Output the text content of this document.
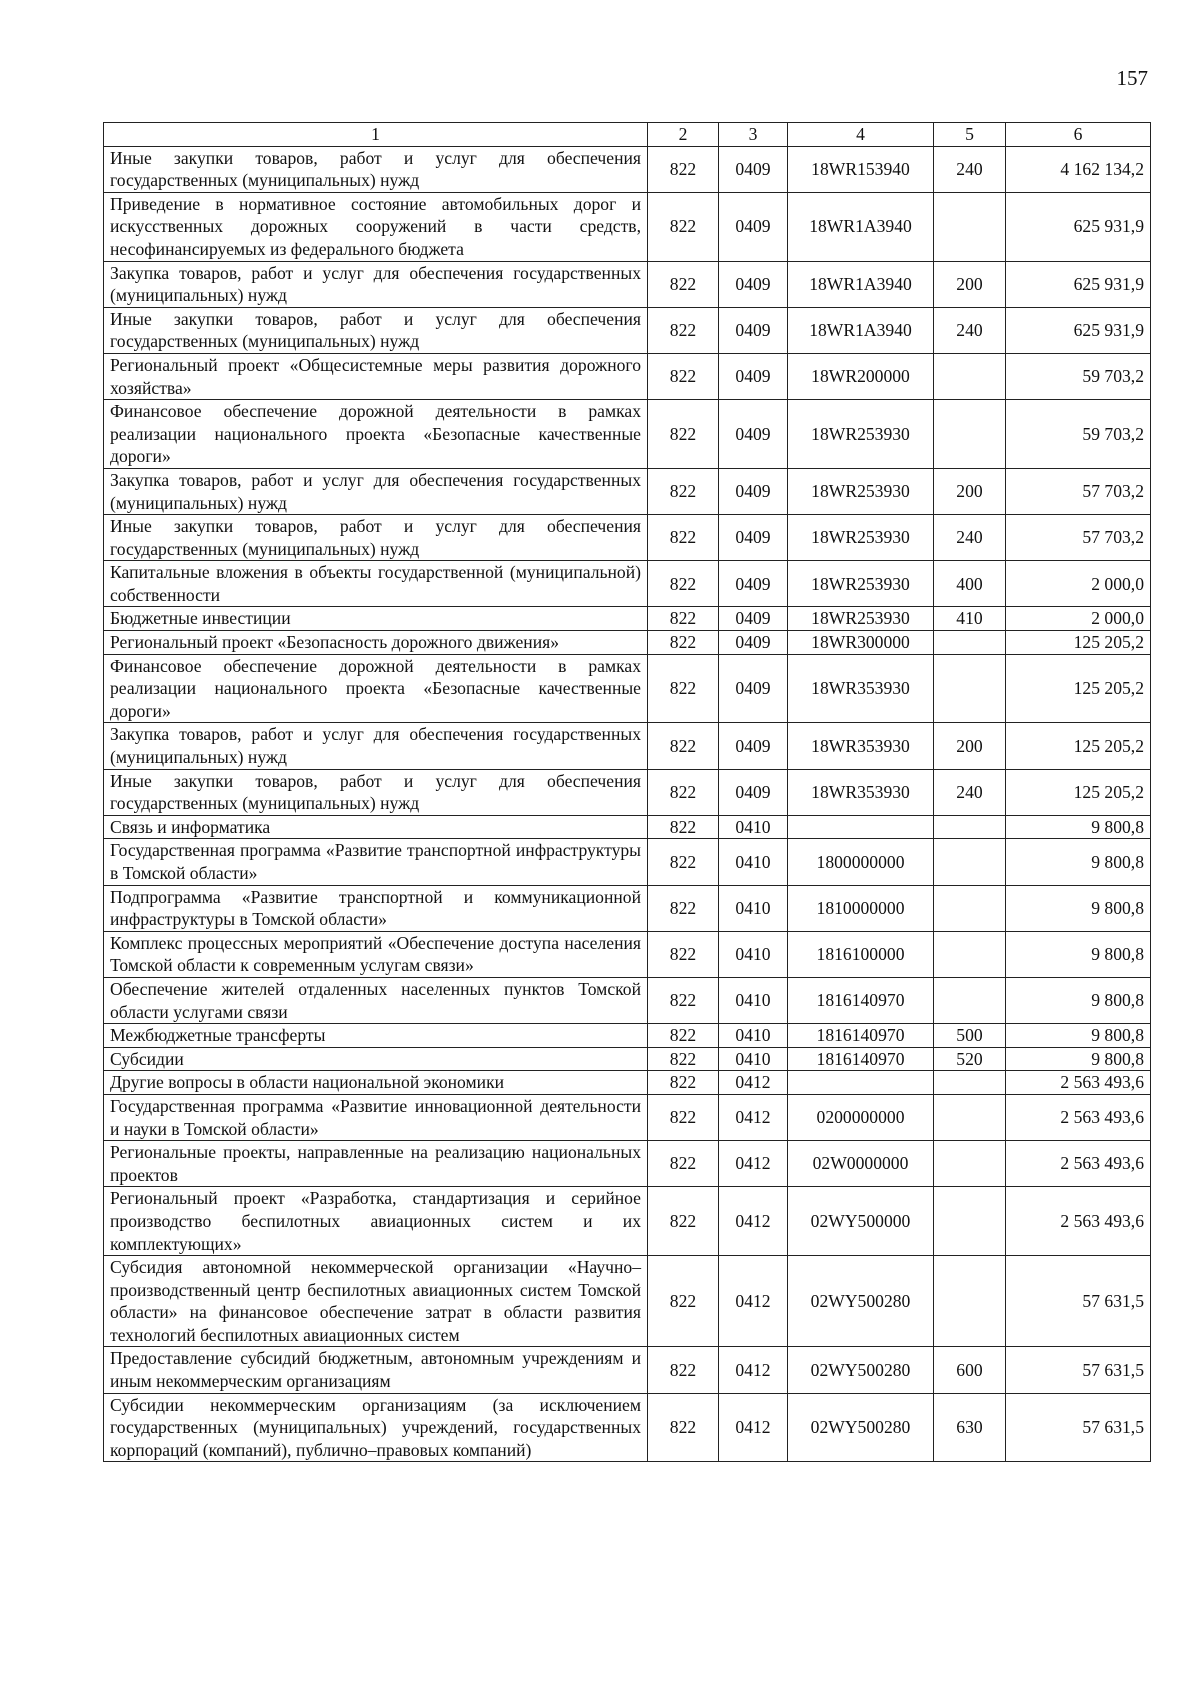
157
1	2	3	4	5	6
Иные закупки товаров, работ и услуг для обеспечения государственных (муниципальных) нужд	822	0409	18WR153940	240	4 162 134,2
Приведение в нормативное состояние автомобильных дорог и искусственных дорожных сооружений в части средств, несофинансируемых из федерального бюджета	822	0409	18WR1A3940		625 931,9
Закупка товаров, работ и услуг для обеспечения государственных (муниципальных) нужд	822	0409	18WR1A3940	200	625 931,9
Иные закупки товаров, работ и услуг для обеспечения государственных (муниципальных) нужд	822	0409	18WR1A3940	240	625 931,9
Региональный проект «Общесистемные меры развития дорожного хозяйства»	822	0409	18WR200000		59 703,2
Финансовое обеспечение дорожной деятельности в рамках реализации национального проекта «Безопасные качественные дороги»	822	0409	18WR253930		59 703,2
Закупка товаров, работ и услуг для обеспечения государственных (муниципальных) нужд	822	0409	18WR253930	200	57 703,2
Иные закупки товаров, работ и услуг для обеспечения государственных (муниципальных) нужд	822	0409	18WR253930	240	57 703,2
Капитальные вложения в объекты государственной (муниципальной) собственности	822	0409	18WR253930	400	2 000,0
Бюджетные инвестиции	822	0409	18WR253930	410	2 000,0
Региональный проект «Безопасность дорожного движения»	822	0409	18WR300000		125 205,2
Финансовое обеспечение дорожной деятельности в рамках реализации национального проекта «Безопасные качественные дороги»	822	0409	18WR353930		125 205,2
Закупка товаров, работ и услуг для обеспечения государственных (муниципальных) нужд	822	0409	18WR353930	200	125 205,2
Иные закупки товаров, работ и услуг для обеспечения государственных (муниципальных) нужд	822	0409	18WR353930	240	125 205,2
Связь и информатика	822	0410			9 800,8
Государственная программа «Развитие транспортной инфраструктуры в Томской области»	822	0410	1800000000		9 800,8
Подпрограмма «Развитие транспортной и коммуникационной инфраструктуры в Томской области»	822	0410	1810000000		9 800,8
Комплекс процессных мероприятий «Обеспечение доступа населения Томской области к современным услугам связи»	822	0410	1816100000		9 800,8
Обеспечение жителей отдаленных населенных пунктов Томской области услугами связи	822	0410	1816140970		9 800,8
Межбюджетные трансферты	822	0410	1816140970	500	9 800,8
Субсидии	822	0410	1816140970	520	9 800,8
Другие вопросы в области национальной экономики	822	0412			2 563 493,6
Государственная программа «Развитие инновационной деятельности и науки в Томской области»	822	0412	0200000000		2 563 493,6
Региональные проекты, направленные на реализацию национальных проектов	822	0412	02W0000000		2 563 493,6
Региональный проект «Разработка, стандартизация и серийное производство беспилотных авиационных систем и их комплектующих»	822	0412	02WY500000		2 563 493,6
Субсидия автономной некоммерческой организации «Научно–производственный центр беспилотных авиационных систем Томской области» на финансовое обеспечение затрат в области развития технологий беспилотных авиационных систем	822	0412	02WY500280		57 631,5
Предоставление субсидий бюджетным, автономным учреждениям и иным некоммерческим организациям	822	0412	02WY500280	600	57 631,5
Субсидии некоммерческим организациям (за исключением государственных (муниципальных) учреждений, государственных корпораций (компаний), публично–правовых компаний)	822	0412	02WY500280	630	57 631,5
